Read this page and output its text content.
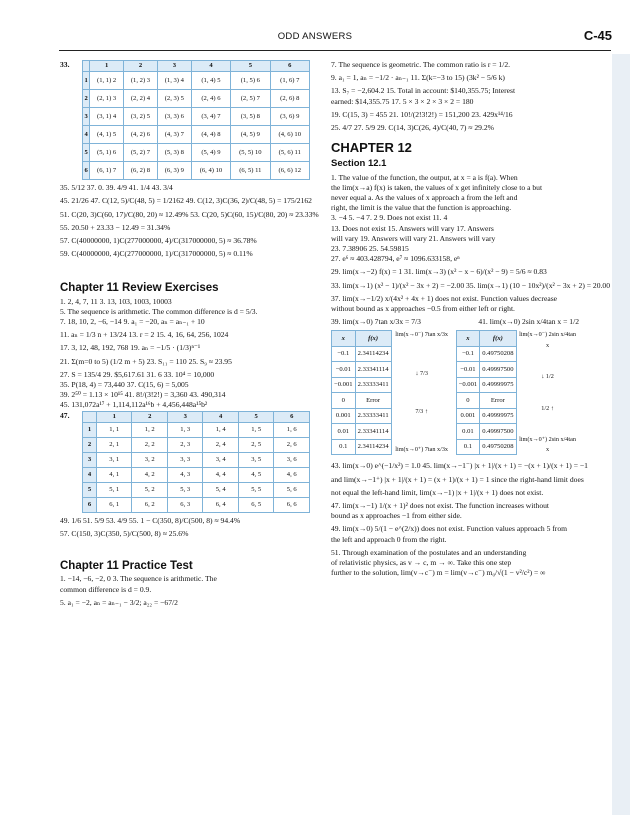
ODD ANSWERS	C-45
33.
		1	2	3	4	5	6
1	(1, 1) 2	(1, 2) 3	(1, 3) 4	(1, 4) 5	(1, 5) 6	(1, 6) 7
2	(2, 1) 3	(2, 2) 4	(2, 3) 5	(2, 4) 6	(2, 5) 7	(2, 6) 8
3	(3, 1) 4	(3, 2) 5	(3, 3) 6	(3, 4) 7	(3, 5) 8	(3, 6) 9
4	(4, 1) 5	(4, 2) 6	(4, 3) 7	(4, 4) 8	(4, 5) 9	(4, 6) 10
5	(5, 1) 6	(5, 2) 7	(5, 3) 8	(5, 4) 9	(5, 5) 10	(5, 6) 11
6	(6, 1) 7	(6, 2) 8	(6, 3) 9	(6, 4) 10	(6, 5) 11	(6, 6) 12
35. 5/12 37. 0. 39. 4/9 41. 1/4 43. 3/4
45. 21/26 47. C(12, 5)/C(48, 5) = 1/2162 49. C(12, 3)C(36, 2)/C(48, 5) = 175/2162
51. C(20, 3)C(60, 17)/C(80, 20) ≈ 12.49% 53. C(20, 5)C(60, 15)/C(80, 20) ≈ 23.33%
55. 20.50 + 23.33 − 12.49 = 31.34%
57. C(40000000, 1)C(277000000, 4)/C(317000000, 5) ≈ 36.78%
59. C(40000000, 4)C(277000000, 1)/C(317000000, 5) ≈ 0.11%
Chapter 11 Review Exercises
1. 2, 4, 7, 11 3. 13, 103, 1003, 10003
5. The sequence is arithmetic. The common difference is d = 5/3.
7. 18, 10, 2, −6, −14 9. a₁ = −20, aₙ = aₙ₋₁ + 10
11. aₙ = 1/3 n + 13/24 13. r = 2 15. 4, 16, 64, 256, 1024
17. 3, 12, 48, 192, 768 19. aₙ = −1/5 · (1/3)ⁿ⁻¹
21. Σ(m=0 to 5) (1/2 m + 5) 23. S₁₁ = 110 25. S₉ ≈ 23.95
27. S = 135/4 29. $5,617.61 31. 6 33. 10⁴ = 10,000
35. P(18, 4) = 73,440 37. C(15, 6) = 5,005
39. 2⁵⁰ = 1.13 × 10¹⁵ 41. 8!/(3!2!) = 3,360 43. 490,314
45. 131,072a¹⁷ + 1,114,112a¹⁶b + 4,456,448a¹⁵b²
47.
		1	2	3	4	5	6
1	1, 1	1, 2	1, 3	1, 4	1, 5	1, 6
2	2, 1	2, 2	2, 3	2, 4	2, 5	2, 6
3	3, 1	3, 2	3, 3	3, 4	3, 5	3, 6
4	4, 1	4, 2	4, 3	4, 4	4, 5	4, 6
5	5, 1	5, 2	5, 3	5, 4	5, 5	5, 6
6	6, 1	6, 2	6, 3	6, 4	6, 5	6, 6
49. 1/6 51. 5/9 53. 4/9 55. 1 − C(350, 8)/C(500, 8) ≈ 94.4%
57. C(150, 3)C(350, 5)/C(500, 8) ≈ 25.6%
Chapter 11 Practice Test
1. −14, −6, −2, 0 3. The sequence is arithmetic. The
common difference is d = 0.9.
5. a₁ = −2, aₙ = aₙ₋₁ − 3/2; a₂₂ = −67/2
7. The sequence is geometric. The common ratio is r = 1/2.
9. a₁ = 1, aₙ = −1/2 · aₙ₋₁ 11. Σ(k=−3 to 15) (3k² − 5/6 k)
13. S₇ = −2,604.2 15. Total in account: $140,355.75; Interest
earned: $14,355.75 17. 5 × 3 × 2 × 3 × 2 = 180
19. C(15, 3) = 455 21. 10!/(2!3!2!) = 151,200 23. 429x¹⁴/16
25. 4/7 27. 5/9 29. C(14, 3)C(26, 4)/C(40, 7) ≈ 29.2%
CHAPTER 12
Section 12.1
1. The value of the function, the output, at x = a is f(a). When
the lim(x→a) f(x) is taken, the values of x get infinitely close to a but
never equal a. As the values of x approach a from the left and
right, the limit is the value that the function is approaching.
3. −4 5. −4 7. 2 9. Does not exist 11. 4
13. Does not exist 15. Answers will vary 17. Answers
will vary 19. Answers will vary 21. Answers will vary
23. 7.38906 25. 54.59815
27. e⁶ ≈ 403.428794, e⁷ ≈ 1096.633158, eⁿ
29. lim(x→−2) f(x) = 1 31. lim(x→3) (x² − x − 6)/(x² − 9) = 5/6 ≈ 0.83
33. lim(x→1) (x² − 1)/(x² − 3x + 2) = −2.00 35. lim(x→1) (10 − 10x²)/(x² − 3x + 2) = 20.00
37. lim(x→−1/2) x/(4x² + 4x + 1) does not exist. Function values decrease
without bound as x approaches −0.5 from either left or right.
39. lim(x→0) 7tan x/3x = 7/3	41. lim(x→0) 2sin x/4tan x = 1/2
x	f(x)
−0.1	2.34114234
−0.01	2.33341114
−0.001	2.33333411
0	Error
0.001	2.33333411
0.01	2.33341114
0.1	2.34114234
lim(x→0⁻) 7tan x/3x
↓ 7/3
7/3 ↑
lim(x→0⁺) 7tan x/3x
x	f(x)
−0.1	0.49750208
−0.01	0.49997500
−0.001	0.49999975
0	Error
0.001	0.49999975
0.01	0.49997500
0.1	0.49750208
lim(x→0⁻) 2sin x/4tan x
↓ 1/2
1/2 ↑
lim(x→0⁺) 2sin x/4tan x
43. lim(x→0) e^(−1/x²) = 1.0 45. lim(x→−1⁻) |x + 1|/(x + 1) = −(x + 1)/(x + 1) = −1
and lim(x→−1⁺) |x + 1|/(x + 1) = (x + 1)/(x + 1) = 1 since the right-hand limit does
not equal the left-hand limit, lim(x→−1) |x + 1|/(x + 1) does not exist.
47. lim(x→−1) 1/(x + 1)² does not exist. The function increases without
bound as x approaches −1 from either side.
49. lim(x→0) 5/(1 − e^(2/x)) does not exist. Function values approach 5 from
the left and approach 0 from the right.
51. Through examination of the postulates and an understanding
of relativistic physics, as v → c, m → ∞. Take this one step
further to the solution, lim(v→c⁻) m = lim(v→c⁻) m₀/√(1 − v²/c²) = ∞
